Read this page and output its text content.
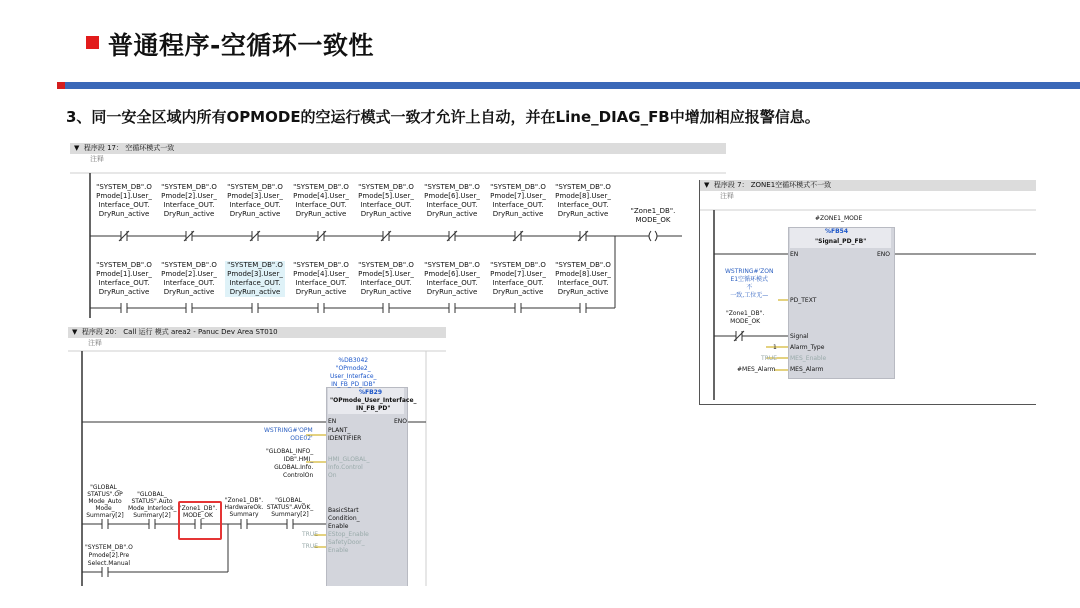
普通程序-空循环一致性
3、同一安全区域内所有OPMODE的空运行模式一致才允许上自动，并在Line_DIAG_FB中增加相应报警信息。
▼  程序段 17： 空循环模式一致
注释
"SYSTEM_DB".O
Pmode[1].User_
Interface_OUT.
DryRun_active
"SYSTEM_DB".O
Pmode[2].User_
Interface_OUT.
DryRun_active
"SYSTEM_DB".O
Pmode[3].User_
Interface_OUT.
DryRun_active
"SYSTEM_DB".O
Pmode[4].User_
Interface_OUT.
DryRun_active
"SYSTEM_DB".O
Pmode[5].User_
Interface_OUT.
DryRun_active
"SYSTEM_DB".O
Pmode[6].User_
Interface_OUT.
DryRun_active
"SYSTEM_DB".O
Pmode[7].User_
Interface_OUT.
DryRun_active
"SYSTEM_DB".O
Pmode[8].User_
Interface_OUT.
DryRun_active	"Zone1_DB".
MODE_OK
"SYSTEM_DB".O
Pmode[1].User_
Interface_OUT.
DryRun_active
"SYSTEM_DB".O
Pmode[2].User_
Interface_OUT.
DryRun_active
"SYSTEM_DB".O
Pmode[3].User_
Interface_OUT.
DryRun_active
"SYSTEM_DB".O
Pmode[4].User_
Interface_OUT.
DryRun_active
"SYSTEM_DB".O
Pmode[5].User_
Interface_OUT.
DryRun_active
"SYSTEM_DB".O
Pmode[6].User_
Interface_OUT.
DryRun_active
"SYSTEM_DB".O
Pmode[7].User_
Interface_OUT.
DryRun_active
"SYSTEM_DB".O
Pmode[8].User_
Interface_OUT.
DryRun_active
▼  程序段 7： ZONE1空循环模式不一致
注释
#ZONE1_MODE
%FB54
"Signal_PD_FB"
EN	ENO
WSTRING#'ZON
E1空循环模式
不
一致,工位无—
PD_TEXT
"Zone1_DB".
MODE_OK
Signal
1 Alarm_Type
TRUE MES_Enable
#MES_Alarm MES_Alarm
▼  程序段 20： Call 运行 模式 area2 - Panuc Dev Area ST010
注释
%DB3042
"OPmode2_
User_Interface_
IN_FB_PD_IDB"
%FB29
"OPmode_User_Interface_
IN_FB_PD"
EN	ENO
WSTRING#'OPM
ODE02'
PLANT_
IDENTIFIER
"GLOBAL_INFO_
IDB".HMI_
GLOBAL.Info.
ControlOn
HMI_GLOBAL_
Info.Control
On
BasicStart
Condition_
Enable
TRUE EStop_Enable
TRUE
SafetyDoor_
Enable
"SYSTEM_DB".O
Pmode[2].Pre
Select.Manual
"GLOBAL_
STATUS".OP
Mode_Auto
Mode_
Summary[2]
"GLOBAL_
STATUS".Auto
Mode_Interlock_
Summary[2]
"Zone1_DB".
MODE_OK
"Zone1_DB".
HardwareOk.
Summary
"GLOBAL_
STATUS".AVOK_
Summary[2]
